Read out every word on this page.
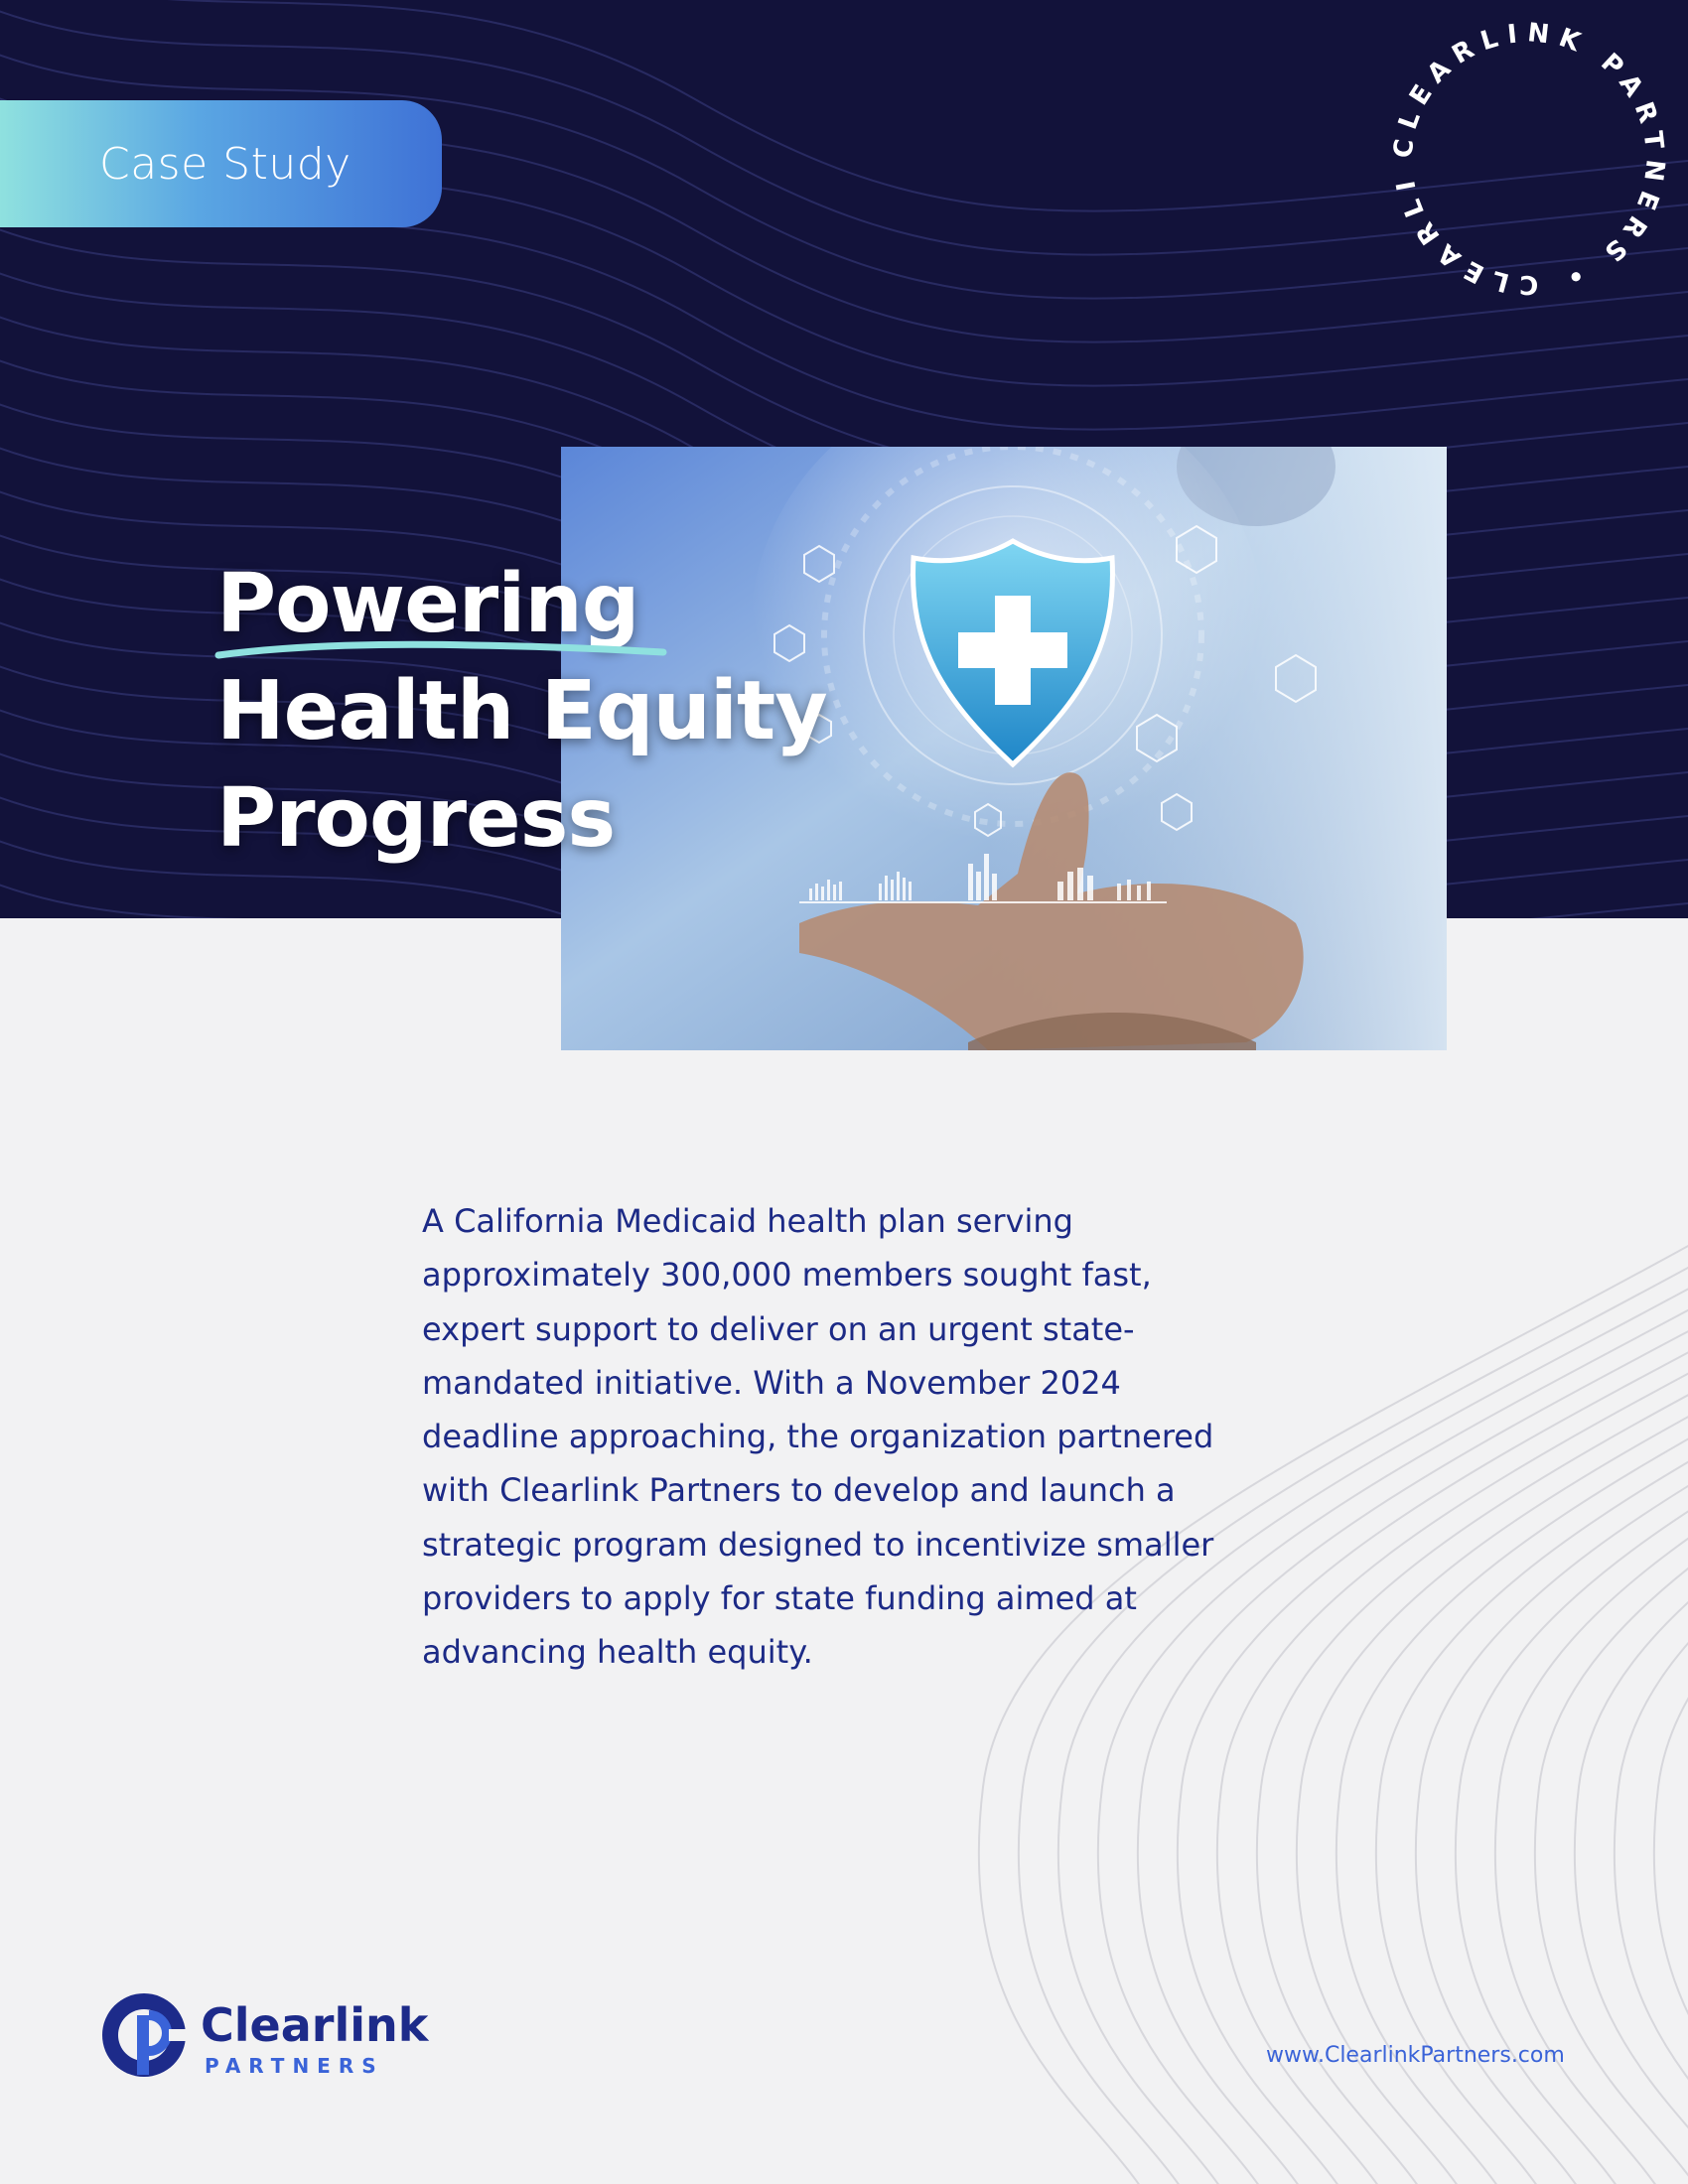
Case Study	CLEARLINK PARTNERS • CLEARLI
Powering
Health Equity
Progress

A California Medicaid health plan serving approximately 300,000 members sought fast, expert support to deliver on an urgent state-mandated initiative. With a November 2024 deadline approaching, the organization partnered with Clearlink Partners to develop and launch a strategic program designed to incentivize smaller providers to apply for state funding aimed at advancing health equity.

Clearlink
PARTNERS	www.ClearlinkPartners.com
